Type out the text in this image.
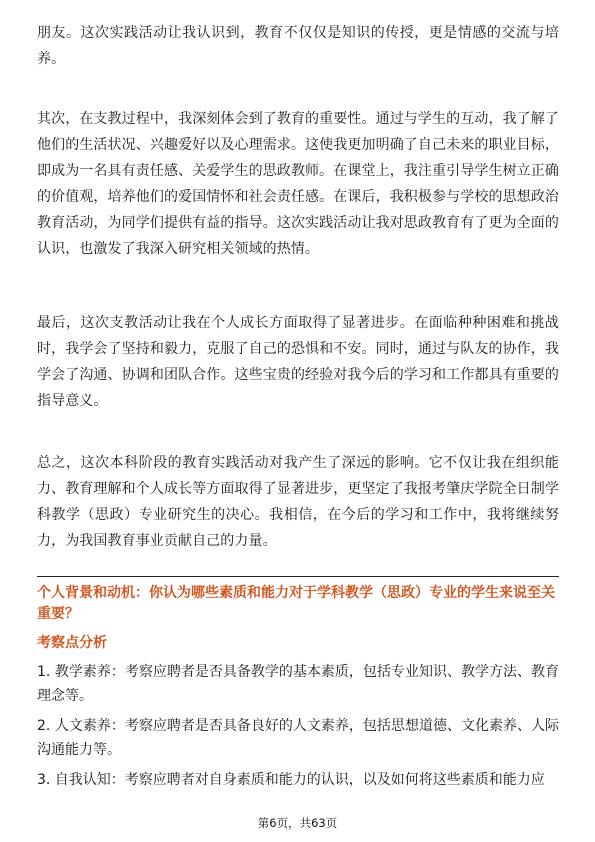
朋友。这次实践活动让我认识到，教育不仅仅是知识的传授，更是情感的交流与培养。

其次，在支教过程中，我深刻体会到了教育的重要性。通过与学生的互动，我了解了他们的生活状况、兴趣爱好以及心理需求。这使我更加明确了自己未来的职业目标，即成为一名具有责任感、关爱学生的思政教师。在课堂上，我注重引导学生树立正确的价值观，培养他们的爱国情怀和社会责任感。在课后，我积极参与学校的思想政治教育活动，为同学们提供有益的指导。这次实践活动让我对思政教育有了更为全面的认识，也激发了我深入研究相关领域的热情。

最后，这次支教活动让我在个人成长方面取得了显著进步。在面临种种困难和挑战时，我学会了坚持和毅力，克服了自己的恐惧和不安。同时，通过与队友的协作，我学会了沟通、协调和团队合作。这些宝贵的经验对我今后的学习和工作都具有重要的指导意义。

总之，这次本科阶段的教育实践活动对我产生了深远的影响。它不仅让我在组织能力、教育理解和个人成长等方面取得了显著进步，更坚定了我报考肇庆学院全日制学科教学（思政）专业研究生的决心。我相信，在今后的学习和工作中，我将继续努力，为我国教育事业贡献自己的力量。

个人背景和动机：你认为哪些素质和能力对于学科教学（思政）专业的学生来说至关重要？

考察点分析

1. 教学素养：考察应聘者是否具备教学的基本素质，包括专业知识、教学方法、教育理念等。
2. 人文素养：考察应聘者是否具备良好的人文素养，包括思想道德、文化素养、人际沟通能力等。
3. 自我认知：考察应聘者对自身素质和能力的认识，以及如何将这些素质和能力应
第6页，共63页
